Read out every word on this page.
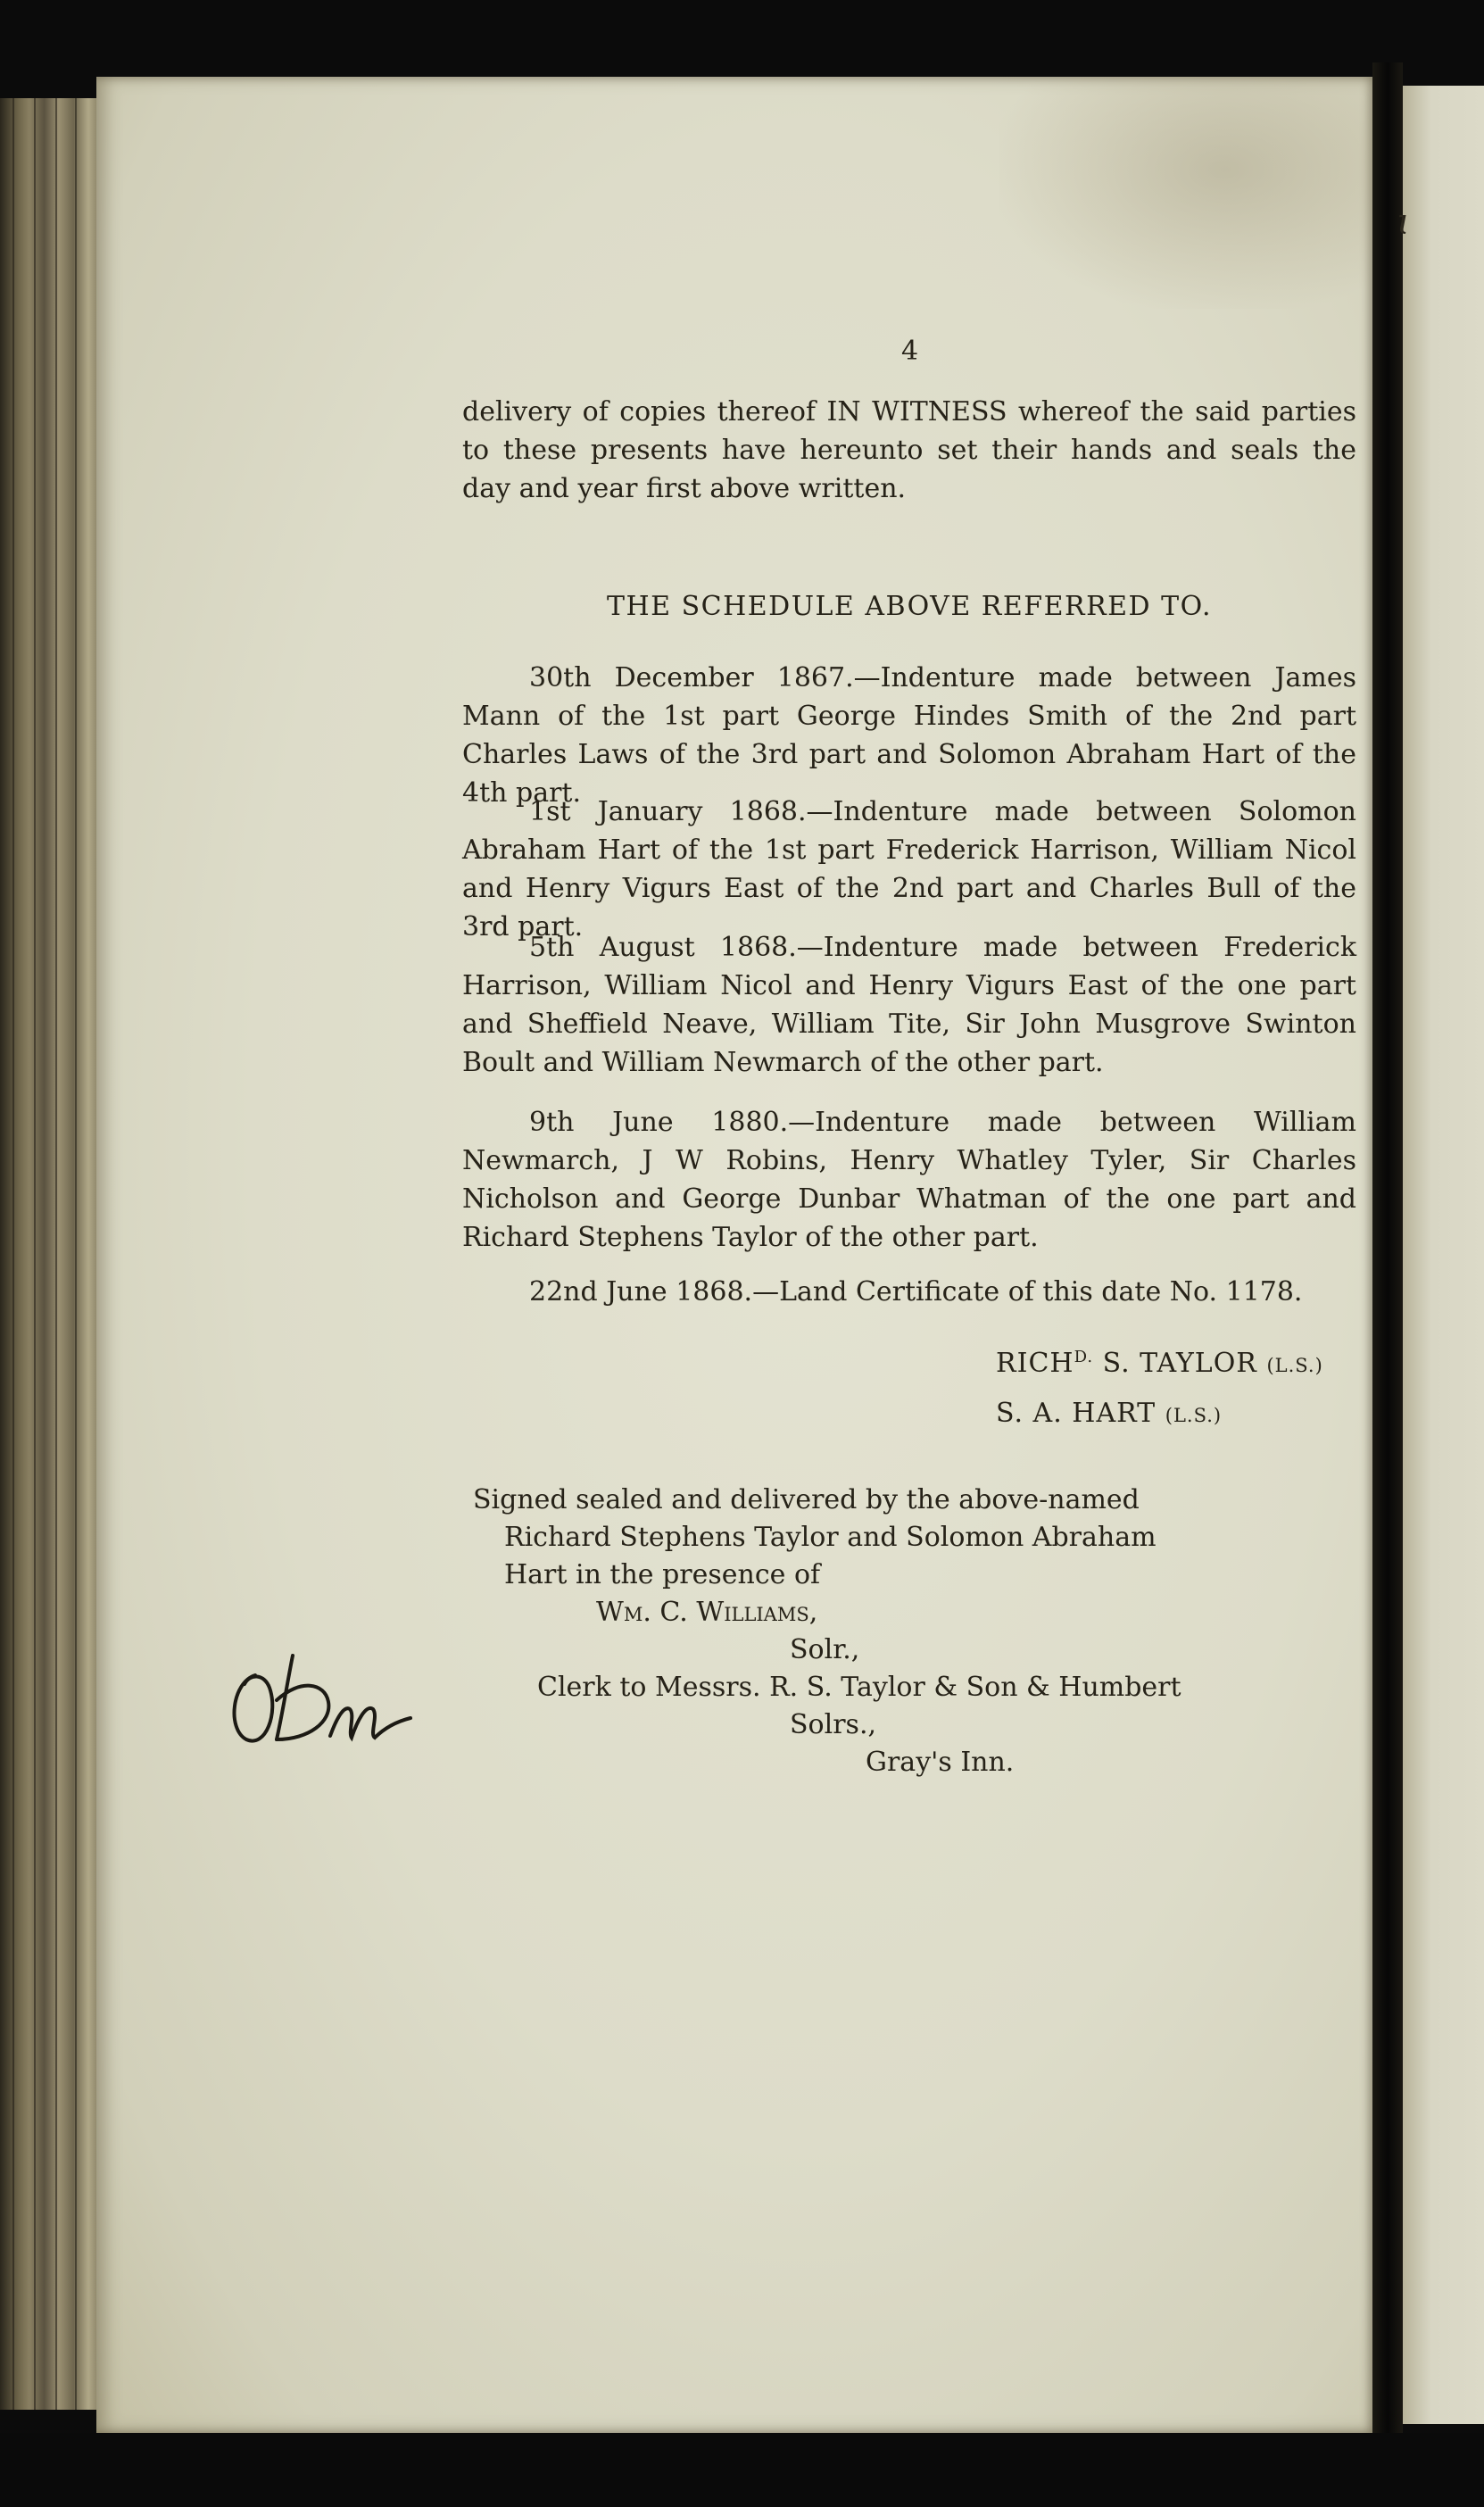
ɩ
4
delivery of copies thereof IN WITNESS whereof the said parties to these presents have hereunto set their hands and seals the day and year first above written.
THE SCHEDULE ABOVE REFERRED TO.
30th December 1867.—Indenture made between James Mann of the 1st part George Hindes Smith of the 2nd part Charles Laws of the 3rd part and Solomon Abraham Hart of the 4th part.
1st January 1868.—Indenture made between Solomon Abraham Hart of the 1st part Frederick Harrison, William Nicol and Henry Vigurs East of the 2nd part and Charles Bull of the 3rd part.
5th August 1868.—Indenture made between Frederick Harrison, William Nicol and Henry Vigurs East of the one part and Sheffield Neave, William Tite, Sir John Musgrove Swinton Boult and William Newmarch of the other part.
9th June 1880.—Indenture made between William Newmarch, J W Robins, Henry Whatley Tyler, Sir Charles Nicholson and George Dunbar Whatman of the one part and Richard Stephens Taylor of the other part.
22nd June 1868.—Land Certificate of this date No. 1178.
$RICH^{D.}$ S. TAYLOR (L.S.)
S. A. HART (L.S.)
Signed sealed and delivered by the above-named
Richard Stephens Taylor and Solomon Abraham
Hart in the presence of
Wm. C. Williams,
Solr.,
Clerk to Messrs. R. S. Taylor & Son & Humbert
Solrs.,
Gray's Inn.
